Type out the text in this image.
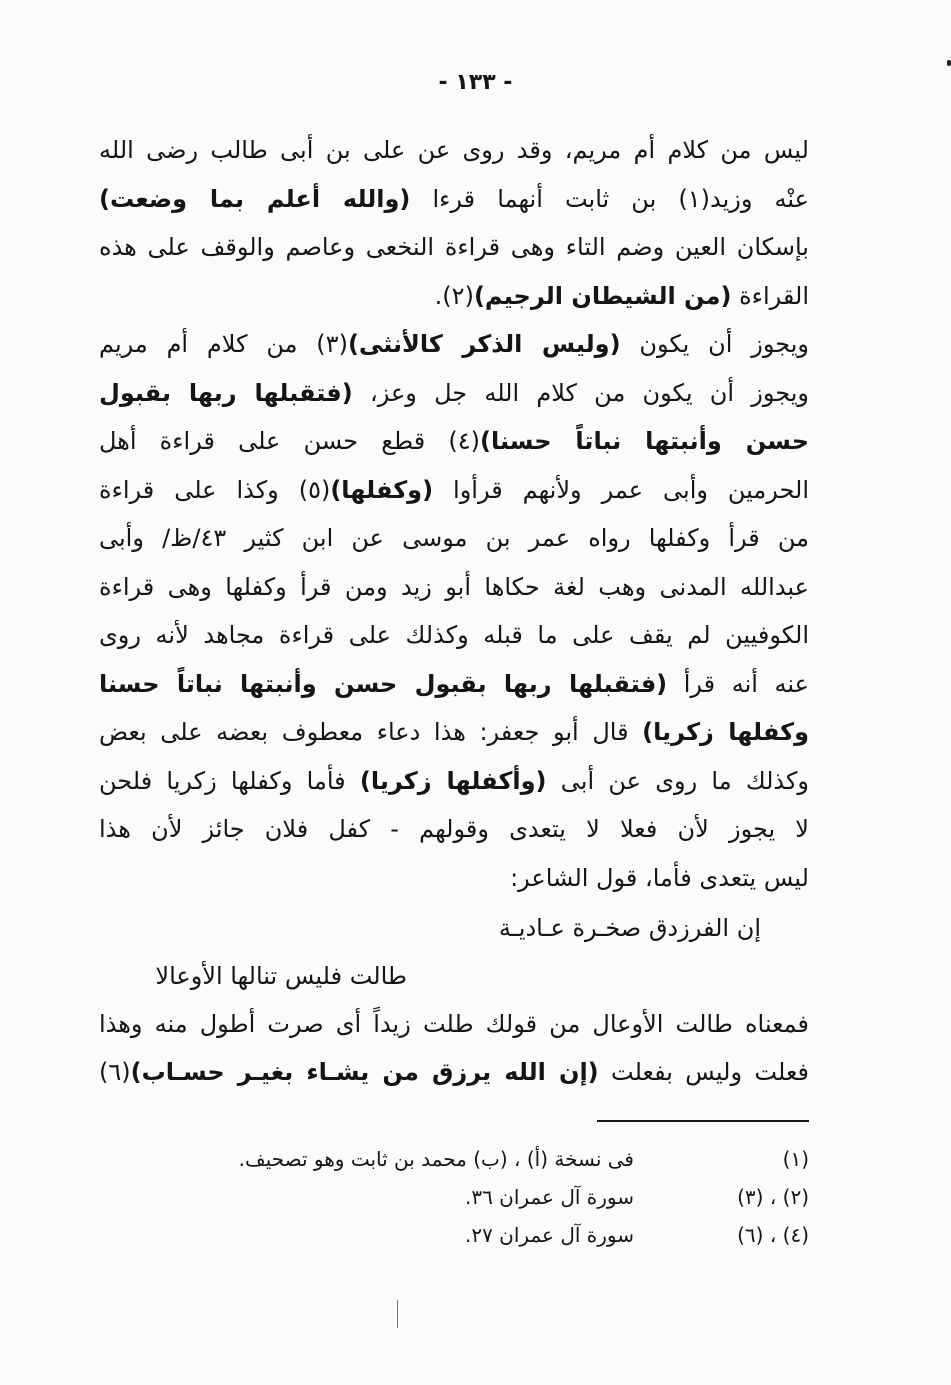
- ١٣٣ -
ليس من كلام أم مريم، وقد روى عن على بن أبى طالب رضى الله
عنْه وزيد(١) بن ثابت أنهما قرءا (والله أعلم بما وضعت)
بإسكان العين وضم التاء وهى قراءة النخعى وعاصم والوقف على هذه
القراءة (من الشيطان الرجيم)(٢).
ويجوز أن يكون (وليس الذكر كالأنثى)(٣) من كلام أم مريم
ويجوز أن يكون من كلام الله جل وعز، (فتقبلها ربها بقبول
حسن وأنبتها نباتاً حسنا)(٤) قطع حسن على قراءة أهل
الحرمين وأبى عمر ولأنهم قرأوا (وكفلها)(٥) وكذا على قراءة
من قرأ وكفلها رواه عمر بن موسى عن ابن كثير ٤٣/ظ/ وأبى
عبدالله المدنى وهب لغة حكاها أبو زيد ومن قرأ وكفلها وهى قراءة
الكوفيين لم يقف على ما قبله وكذلك على قراءة مجاهد لأنه روى
عنه أنه قرأ (فتقبلها ربها بقبول حسن وأنبتها نباتاً حسنا
وكفلها زكريا) قال أبو جعفر: هذا دعاء معطوف بعضه على بعض
وكذلك ما روى عن أبى (وأكفلها زكريا) فأما وكفلها زكريا فلحن
لا يجوز لأن فعلا لا يتعدى وقولهم - كفل فلان جائز لأن هذا
ليس يتعدى فأما، قول الشاعر:
إن الفرزدق صخـرة عـاديـة
طالت فليس تنالها الأوعالا
فمعناه طالت الأوعال من قولك طلت زيداً أى صرت أطول منه وهذا
فعلت وليس بفعلت (إن الله يرزق من يشـاء بغيـر حسـاب)(٦)
(١)فى نسخة (أ) ، (ب) محمد بن ثابت وهو تصحيف.
(٢) ، (٣)سورة آل عمران ٣٦.
(٤) ، (٦)سورة آل عمران ٢٧.
